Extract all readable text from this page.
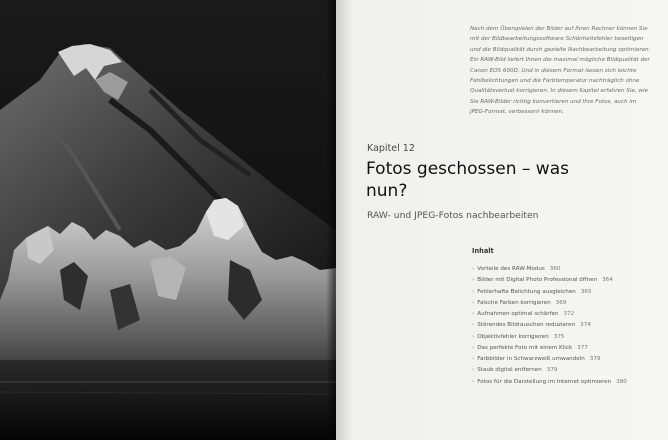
Nach dem Überspielen der Bilder auf Ihren Rechner können Sie mit der Bildbearbeitungssoftware Schönheitsfehler beseitigen und die Bildqualität durch gezielte Nachbearbeitung optimieren. Ein RAW-Bild liefert Ihnen die maximal mögliche Bildqualität der Canon EOS 600D. Und in diesem Format lassen sich leichte Fehlbelichtungen und die Farbtemperatur nachträglich ohne Qualitätsverlust korrigieren. In diesem Kapitel erfahren Sie, wie Sie RAW-Bilder richtig konvertieren und Ihre Fotos, auch im JPEG-Format, verbessern können.

Kapitel 12
Fotos geschossen – was nun?
RAW- und JPEG-Fotos nachbearbeiten
Inhalt
› Vorteile des RAW-Modus 360
› Bilder mit Digital Photo Professional öffnen 364
› Fehlerhafte Belichtung ausgleichen 365
› Falsche Farben korrigieren 369
› Aufnahmen optimal schärfen 372
› Störendes Bildrauschen reduzieren 374
› Objektivfehler korrigieren 375
› Das perfekte Foto mit einem Klick 377
› Farbbilder in Schwarzweiß umwandeln 379
› Staub digital entfernen 379
› Fotos für die Darstellung im Internet optimieren 380
